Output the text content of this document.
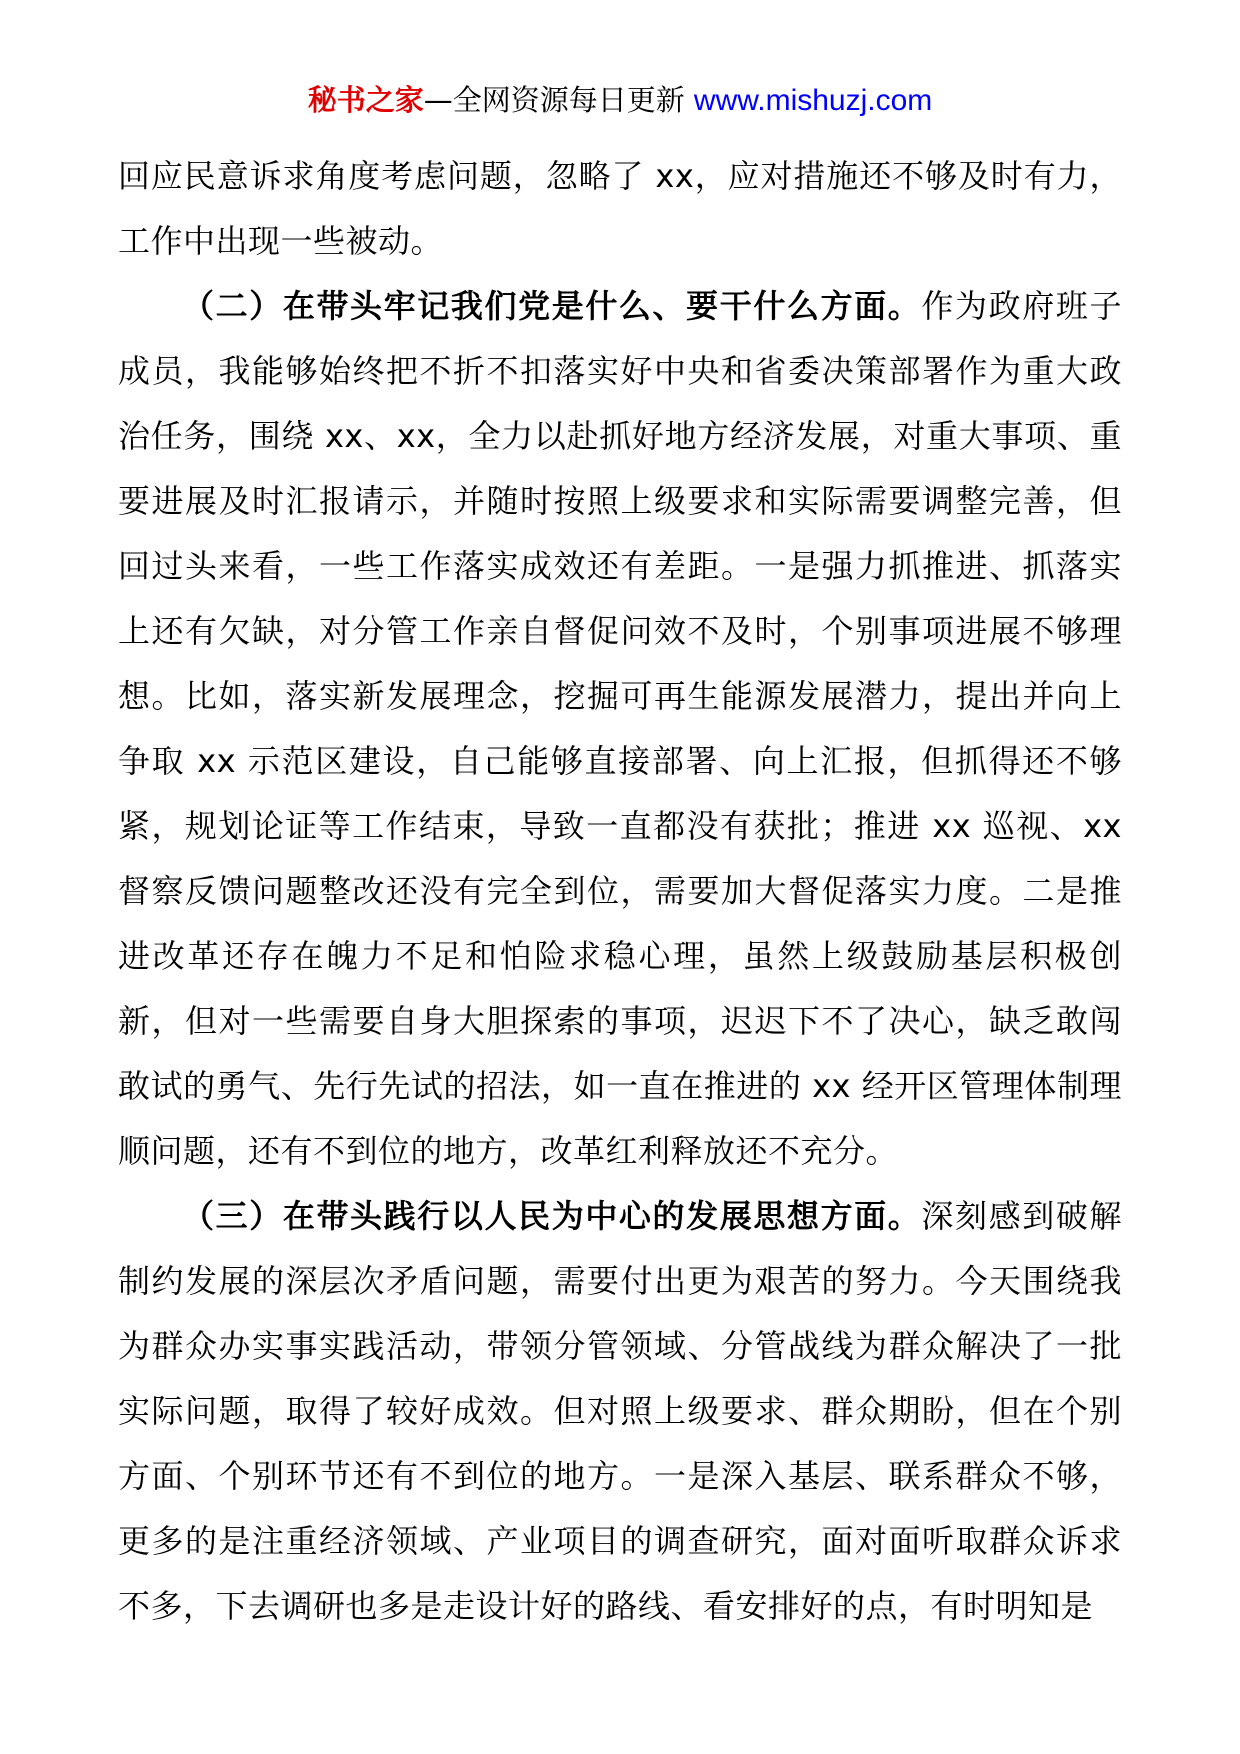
秘书之家—全网资源每日更新 www.mishuzj.com

回应民意诉求角度考虑问题，忽略了 xx，应对措施还不够及时有力，工作中出现一些被动。

（二）在带头牢记我们党是什么、要干什么方面。作为政府班子成员，我能够始终把不折不扣落实好中央和省委决策部署作为重大政治任务，围绕 xx、xx，全力以赴抓好地方经济发展，对重大事项、重要进展及时汇报请示，并随时按照上级要求和实际需要调整完善，但回过头来看，一些工作落实成效还有差距。一是强力抓推进、抓落实上还有欠缺，对分管工作亲自督促问效不及时，个别事项进展不够理想。比如，落实新发展理念，挖掘可再生能源发展潜力，提出并向上争取 xx 示范区建设，自己能够直接部署、向上汇报，但抓得还不够紧，规划论证等工作结束，导致一直都没有获批；推进 xx 巡视、xx 督察反馈问题整改还没有完全到位，需要加大督促落实力度。二是推进改革还存在魄力不足和怕险求稳心理，虽然上级鼓励基层积极创新，但对一些需要自身大胆探索的事项，迟迟下不了决心，缺乏敢闯敢试的勇气、先行先试的招法，如一直在推进的 xx 经开区管理体制理顺问题，还有不到位的地方，改革红利释放还不充分。

（三）在带头践行以人民为中心的发展思想方面。深刻感到破解制约发展的深层次矛盾问题，需要付出更为艰苦的努力。今天围绕我为群众办实事实践活动，带领分管领域、分管战线为群众解决了一批实际问题，取得了较好成效。但对照上级要求、群众期盼，但在个别方面、个别环节还有不到位的地方。一是深入基层、联系群众不够，更多的是注重经济领域、产业项目的调查研究，面对面听取群众诉求不多，下去调研也多是走设计好的路线、看安排好的点，有时明知是
